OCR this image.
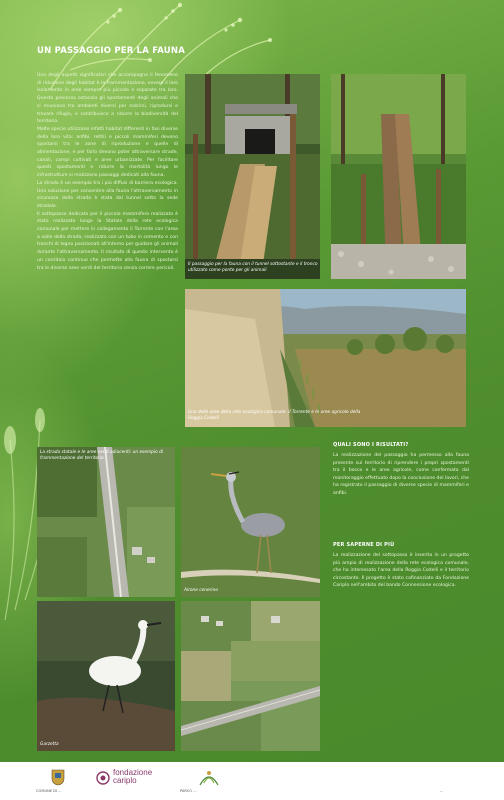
UN PASSAGGIO PER LA FAUNA

Uno degli aspetti significativi che accompagna il fenomeno di riduzione degli habitat è la frammentazione, ovvero il loro isolamento in aree sempre più piccole e separate tra loro. Questo processo ostacola gli spostamenti degli animali che si muovono tra ambienti diversi per nutrirsi, riprodursi e trovare rifugio, e contribuisce a ridurre la biodiversità del territorio.

Molte specie utilizzano infatti habitat differenti in fasi diverse della loro vita: anfibi, rettili e piccoli mammiferi devono spostarsi tra le zone di riproduzione e quelle di alimentazione, e per farlo devono poter attraversare strade, canali, campi coltivati e aree urbanizzate. Per facilitare questi spostamenti e ridurre la mortalità lungo le infrastrutture si realizzano passaggi dedicati alla fauna.

La strada è un esempio tra i più diffusi di barriera ecologica. Una soluzione per consentire alla fauna l'attraversamento in sicurezza della strada è stata dal tunnel sotto la sede stradale.

Il sottopasso dedicato per il piccolo mammifero realizzato è stato realizzato lungo la Statale della rete ecologica comunale per mettere in collegamento il Torrente con l'area a valle della strada, realizzato con un tubo in cemento e con tronchi di legno posizionati all'interno per guidare gli animali durante l'attraversamento. Il risultato di questo intervento è un corridoio continuo che permette alla fauna di spostarsi tra le diverse aree verdi del territorio senza correre pericoli.

Il passaggio per la fauna con il tunnel sottostante e il tronco utilizzato come ponte per gli animali
Una delle aree della rete ecologica comunale: il Torrente e le aree agricole della Roggia Codelli
La strada statale e le aree verdi adiacenti: un esempio di frammentazione del territorio
Airone cenerino
Garzetta
QUALI SONO I RISULTATI?
La realizzazione del passaggio ha permesso alla fauna presente sul territorio di riprendere i propri spostamenti tra il bosco e le aree agricole, come confermato dal monitoraggio effettuato dopo la conclusione dei lavori, che ha registrato il passaggio di diverse specie di mammiferi e anfibi.
PER SAPERNE DI PIÙ
La realizzazione del sottopasso è inserita in un progetto più ampio di realizzazione della rete ecologica comunale, che ha interessato l'area della Roggia Codelli e il territorio circostante. Il progetto è stato cofinanziato da Fondazione Cariplo nell'ambito del bando Connessione ecologica.
COMUNE DI ...
fondazione
cariplo
PARCO ...	...
